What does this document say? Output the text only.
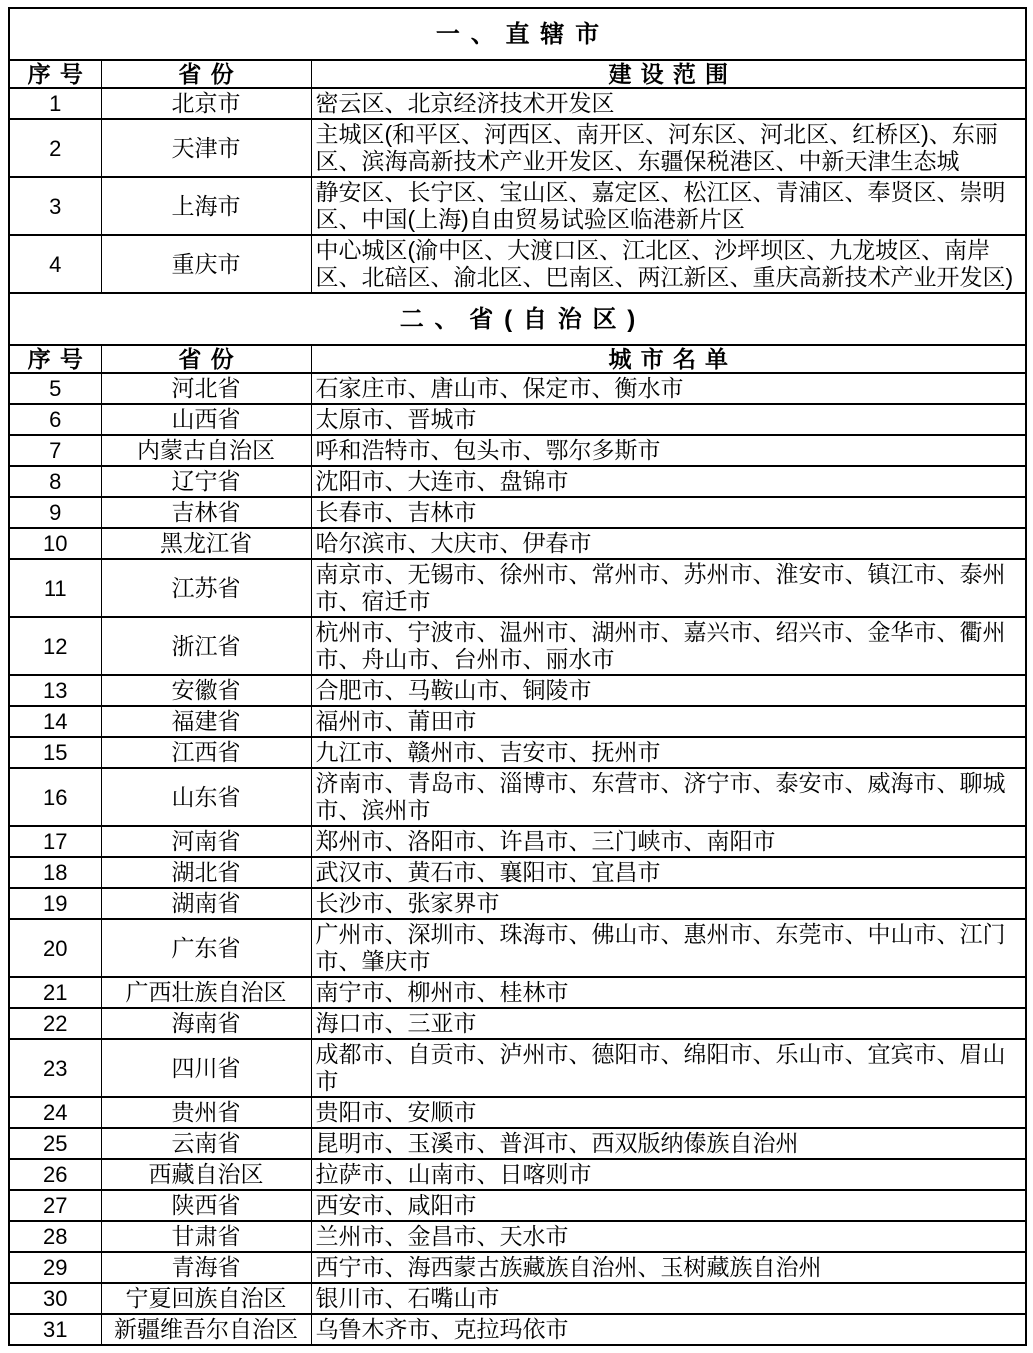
一、直辖市		
序号	省份	建设范围
1	北京市	密云区、北京经济技术开发区
2	天津市	主城区(和平区、河西区、南开区、河东区、河北区、红桥区)、东丽区、滨海高新技术产业开发区、东疆保税港区、中新天津生态城
3	上海市	静安区、长宁区、宝山区、嘉定区、松江区、青浦区、奉贤区、崇明区、中国(上海)自由贸易试验区临港新片区
4	重庆市	中心城区(渝中区、大渡口区、江北区、沙坪坝区、九龙坡区、南岸区、北碚区、渝北区、巴南区、两江新区、重庆高新技术产业开发区)
二、省(自治区)		
序号	省份	城市名单
5	河北省	石家庄市、唐山市、保定市、衡水市
6	山西省	太原市、晋城市
7	内蒙古自治区	呼和浩特市、包头市、鄂尔多斯市
8	辽宁省	沈阳市、大连市、盘锦市
9	吉林省	长春市、吉林市
10	黑龙江省	哈尔滨市、大庆市、伊春市
11	江苏省	南京市、无锡市、徐州市、常州市、苏州市、淮安市、镇江市、泰州市、宿迁市
12	浙江省	杭州市、宁波市、温州市、湖州市、嘉兴市、绍兴市、金华市、衢州市、舟山市、台州市、丽水市
13	安徽省	合肥市、马鞍山市、铜陵市
14	福建省	福州市、莆田市
15	江西省	九江市、赣州市、吉安市、抚州市
16	山东省	济南市、青岛市、淄博市、东营市、济宁市、泰安市、威海市、聊城市、滨州市
17	河南省	郑州市、洛阳市、许昌市、三门峡市、南阳市
18	湖北省	武汉市、黄石市、襄阳市、宜昌市
19	湖南省	长沙市、张家界市
20	广东省	广州市、深圳市、珠海市、佛山市、惠州市、东莞市、中山市、江门市、肇庆市
21	广西壮族自治区	南宁市、柳州市、桂林市
22	海南省	海口市、三亚市
23	四川省	成都市、自贡市、泸州市、德阳市、绵阳市、乐山市、宜宾市、眉山市
24	贵州省	贵阳市、安顺市
25	云南省	昆明市、玉溪市、普洱市、西双版纳傣族自治州
26	西藏自治区	拉萨市、山南市、日喀则市
27	陕西省	西安市、咸阳市
28	甘肃省	兰州市、金昌市、天水市
29	青海省	西宁市、海西蒙古族藏族自治州、玉树藏族自治州
30	宁夏回族自治区	银川市、石嘴山市
31	新疆维吾尔自治区	乌鲁木齐市、克拉玛依市
